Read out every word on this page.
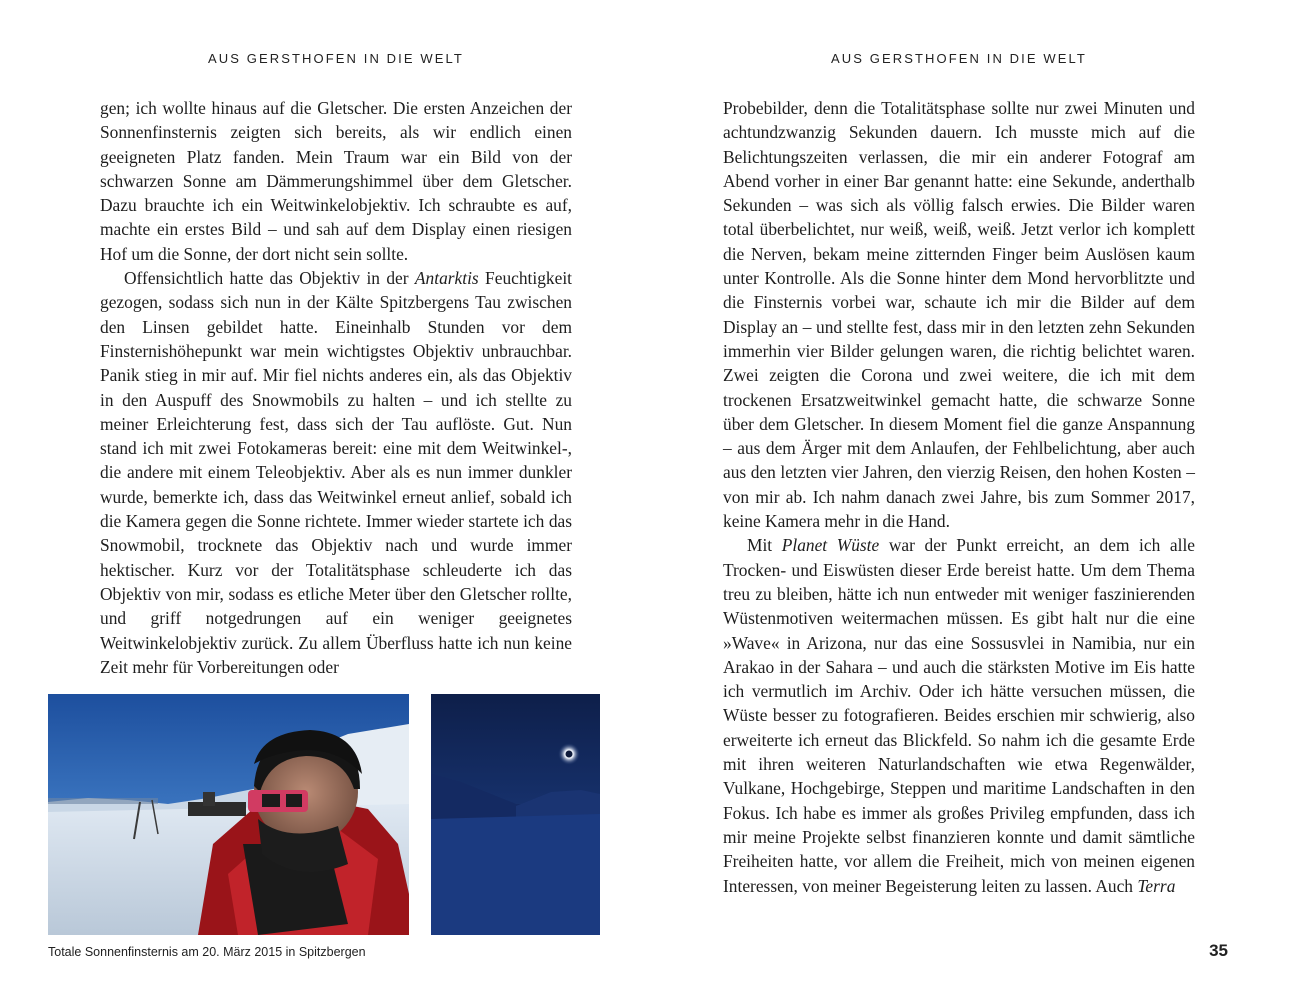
AUS GERSTHOFEN IN DIE WELT

gen; ich wollte hinaus auf die Gletscher. Die ersten Anzeichen der Sonnenfinsternis zeigten sich bereits, als wir endlich einen geeigneten Platz fanden. Mein Traum war ein Bild von der schwarzen Sonne am Dämmerungshimmel über dem Gletscher. Dazu brauchte ich ein Weitwinkelobjektiv. Ich schraubte es auf, machte ein erstes Bild – und sah auf dem Display einen riesigen Hof um die Sonne, der dort nicht sein sollte.

Offensichtlich hatte das Objektiv in der Antarktis Feuchtigkeit gezogen, sodass sich nun in der Kälte Spitzbergens Tau zwischen den Linsen gebildet hatte. Eineinhalb Stunden vor dem Finsternishöhepunkt war mein wichtigstes Objektiv unbrauchbar. Panik stieg in mir auf. Mir fiel nichts anderes ein, als das Objektiv in den Auspuff des Snowmobils zu halten – und ich stellte zu meiner Erleichterung fest, dass sich der Tau auflöste. Gut. Nun stand ich mit zwei Fotokameras bereit: eine mit dem Weitwinkel-, die andere mit einem Teleobjektiv. Aber als es nun immer dunkler wurde, bemerkte ich, dass das Weitwinkel erneut anlief, sobald ich die Kamera gegen die Sonne richtete. Immer wieder startete ich das Snowmobil, trocknete das Objektiv nach und wurde immer hektischer. Kurz vor der Totalitätsphase schleuderte ich das Objektiv von mir, sodass es etliche Meter über den Gletscher rollte, und griff notgedrungen auf ein weniger geeignetes Weitwinkelobjektiv zurück. Zu allem Überfluss hatte ich nun keine Zeit mehr für Vorbereitungen oder

Totale Sonnenfinsternis am 20. März 2015 in Spitzbergen
AUS GERSTHOFEN IN DIE WELT

Probebilder, denn die Totalitätsphase sollte nur zwei Minuten und achtundzwanzig Sekunden dauern. Ich musste mich auf die Belichtungszeiten verlassen, die mir ein anderer Fotograf am Abend vorher in einer Bar genannt hatte: eine Sekunde, anderthalb Sekunden – was sich als völlig falsch erwies. Die Bilder waren total überbelichtet, nur weiß, weiß, weiß. Jetzt verlor ich komplett die Nerven, bekam meine zitternden Finger beim Auslösen kaum unter Kontrolle. Als die Sonne hinter dem Mond hervorblitzte und die Finsternis vorbei war, schaute ich mir die Bilder auf dem Display an – und stellte fest, dass mir in den letzten zehn Sekunden immerhin vier Bilder gelungen waren, die richtig belichtet waren. Zwei zeigten die Corona und zwei weitere, die ich mit dem trockenen Ersatzweitwinkel gemacht hatte, die schwarze Sonne über dem Gletscher. In diesem Moment fiel die ganze Anspannung – aus dem Ärger mit dem Anlaufen, der Fehlbelichtung, aber auch aus den letzten vier Jahren, den vierzig Reisen, den hohen Kosten – von mir ab. Ich nahm danach zwei Jahre, bis zum Sommer 2017, keine Kamera mehr in die Hand.

Mit Planet Wüste war der Punkt erreicht, an dem ich alle Trocken- und Eiswüsten dieser Erde bereist hatte. Um dem Thema treu zu bleiben, hätte ich nun entweder mit weniger faszinierenden Wüstenmotiven weitermachen müssen. Es gibt halt nur die eine »Wave« in Arizona, nur das eine Sossusvlei in Namibia, nur ein Arakao in der Sahara – und auch die stärksten Motive im Eis hatte ich vermutlich im Archiv. Oder ich hätte versuchen müssen, die Wüste besser zu fotografieren. Beides erschien mir schwierig, also erweiterte ich erneut das Blickfeld. So nahm ich die gesamte Erde mit ihren weiteren Naturlandschaften wie etwa Regenwälder, Vulkane, Hochgebirge, Steppen und maritime Landschaften in den Fokus. Ich habe es immer als großes Privileg empfunden, dass ich mir meine Projekte selbst finanzieren konnte und damit sämtliche Freiheiten hatte, vor allem die Freiheit, mich von meinen eigenen Interessen, von meiner Begeisterung leiten zu lassen. Auch Terra

35
